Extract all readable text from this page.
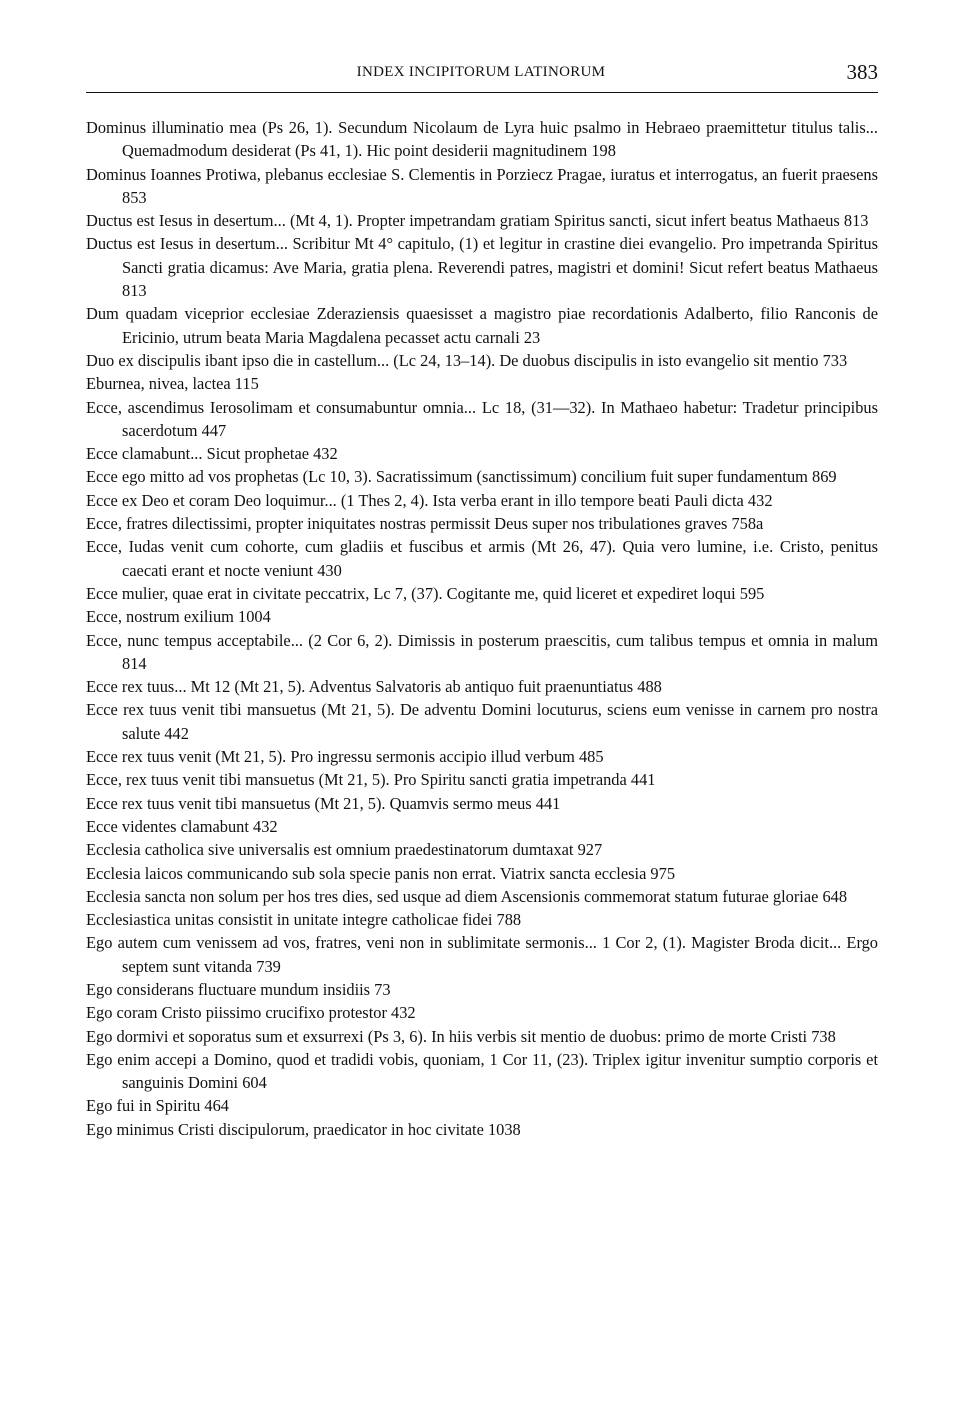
INDEX INCIPITORUM LATINORUM	383

Dominus illuminatio mea (Ps 26, 1). Secundum Nicolaum de Lyra huic psalmo in Hebraeo praemittetur titulus talis... Quemadmodum desiderat (Ps 41, 1). Hic point desiderii magnitudinem 198

Dominus Ioannes Protiwa, plebanus ecclesiae S. Clementis in Porziecz Pragae, iuratus et interrogatus, an fuerit praesens 853

Ductus est Iesus in desertum... (Mt 4, 1). Propter impetrandam gratiam Spiritus sancti, sicut infert beatus Mathaeus 813

Ductus est Iesus in desertum... Scribitur Mt 4° capitulo, (1) et legitur in crastine diei evangelio. Pro impetranda Spiritus Sancti gratia dicamus: Ave Maria, gratia plena. Reverendi patres, magistri et domini! Sicut refert beatus Mathaeus 813

Dum quadam viceprior ecclesiae Zderaziensis quaesisset a magistro piae recordationis Adalberto, filio Ranconis de Ericinio, utrum beata Maria Magdalena pecasset actu carnali 23

Duo ex discipulis ibant ipso die in castellum... (Lc 24, 13–14). De duobus discipulis in isto evangelio sit mentio 733

Eburnea, nivea, lactea 115

Ecce, ascendimus Ierosolimam et consumabuntur omnia... Lc 18, (31—32). In Mathaeo habetur: Tradetur principibus sacerdotum 447

Ecce clamabunt... Sicut prophetae 432

Ecce ego mitto ad vos prophetas (Lc 10, 3). Sacratissimum (sanctissimum) concilium fuit super fundamentum 869

Ecce ex Deo et coram Deo loquimur... (1 Thes 2, 4). Ista verba erant in illo tempore beati Pauli dicta 432

Ecce, fratres dilectissimi, propter iniquitates nostras permissit Deus super nos tribulationes graves 758a

Ecce, Iudas venit cum cohorte, cum gladiis et fuscibus et armis (Mt 26, 47). Quia vero lumine, i.e. Cristo, penitus caecati erant et nocte veniunt 430

Ecce mulier, quae erat in civitate peccatrix, Lc 7, (37). Cogitante me, quid liceret et expediret loqui 595

Ecce, nostrum exilium 1004

Ecce, nunc tempus acceptabile... (2 Cor 6, 2). Dimissis in posterum praescitis, cum talibus tempus et omnia in malum 814

Ecce rex tuus... Mt 12 (Mt 21, 5). Adventus Salvatoris ab antiquo fuit praenuntiatus 488

Ecce rex tuus venit tibi mansuetus (Mt 21, 5). De adventu Domini locuturus, sciens eum venisse in carnem pro nostra salute 442

Ecce rex tuus venit (Mt 21, 5). Pro ingressu sermonis accipio illud verbum 485

Ecce, rex tuus venit tibi mansuetus (Mt 21, 5). Pro Spiritu sancti gratia impetranda 441

Ecce rex tuus venit tibi mansuetus (Mt 21, 5). Quamvis sermo meus 441

Ecce videntes clamabunt 432

Ecclesia catholica sive universalis est omnium praedestinatorum dumtaxat 927

Ecclesia laicos communicando sub sola specie panis non errat. Viatrix sancta ecclesia 975

Ecclesia sancta non solum per hos tres dies, sed usque ad diem Ascensionis commemorat statum futurae gloriae 648

Ecclesiastica unitas consistit in unitate integre catholicae fidei 788

Ego autem cum venissem ad vos, fratres, veni non in sublimitate sermonis... 1 Cor 2, (1). Magister Broda dicit... Ergo septem sunt vitanda 739

Ego considerans fluctuare mundum insidiis 73

Ego coram Cristo piissimo crucifixo protestor 432

Ego dormivi et soporatus sum et exsurrexi (Ps 3, 6). In hiis verbis sit mentio de duobus: primo de morte Cristi 738

Ego enim accepi a Domino, quod et tradidi vobis, quoniam, 1 Cor 11, (23). Triplex igitur invenitur sumptio corporis et sanguinis Domini 604

Ego fui in Spiritu 464

Ego minimus Cristi discipulorum, praedicator in hoc civitate 1038
